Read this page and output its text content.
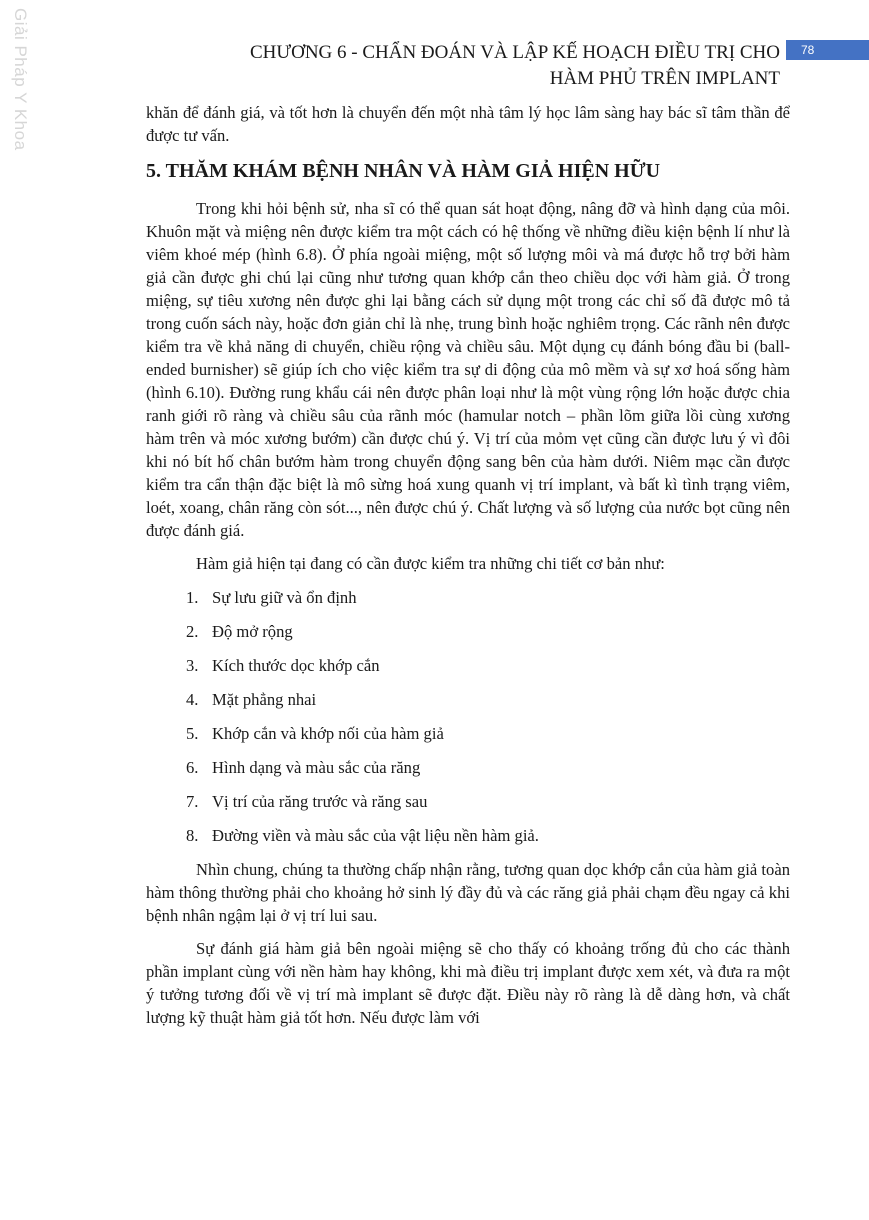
Giải Pháp Y Khoa	CHƯƠNG 6 - CHẨN ĐOÁN VÀ LẬP KẾ HOẠCH ĐIỀU TRỊ CHO
HÀM PHỦ TRÊN IMPLANT
78

khăn để đánh giá, và tốt hơn là chuyển đến một nhà tâm lý học lâm sàng hay bác sĩ tâm thần để được tư vấn.

5. THĂM KHÁM BỆNH NHÂN VÀ HÀM GIẢ HIỆN HỮU

Trong khi hỏi bệnh sử, nha sĩ có thể quan sát hoạt động, nâng đỡ và hình dạng của môi. Khuôn mặt và miệng nên được kiểm tra một cách có hệ thống về những điều kiện bệnh lí như là viêm khoé mép (hình 6.8). Ở phía ngoài miệng, một số lượng môi và má được hỗ trợ bởi hàm giả cần được ghi chú lại cũng như tương quan khớp cắn theo chiều dọc với hàm giả. Ở trong miệng, sự tiêu xương nên được ghi lại bằng cách sử dụng một trong các chỉ số đã được mô tả trong cuốn sách này, hoặc đơn giản chỉ là nhẹ, trung bình hoặc nghiêm trọng. Các rãnh nên được kiểm tra về khả năng di chuyển, chiều rộng và chiều sâu. Một dụng cụ đánh bóng đầu bi (ball-ended burnisher) sẽ giúp ích cho việc kiểm tra sự di động của mô mềm và sự xơ hoá sống hàm (hình 6.10). Đường rung khẩu cái nên được phân loại như là một vùng rộng lớn hoặc được chia ranh giới rõ ràng và chiều sâu của rãnh móc (hamular notch – phần lõm giữa lồi cùng xương hàm trên và móc xương bướm) cần được chú ý. Vị trí của mỏm vẹt cũng cần được lưu ý vì đôi khi nó bít hố chân bướm hàm trong chuyển động sang bên của hàm dưới. Niêm mạc cần được kiểm tra cẩn thận đặc biệt là mô sừng hoá xung quanh vị trí implant, và bất kì tình trạng viêm, loét, xoang, chân răng còn sót..., nên được chú ý. Chất lượng và số lượng của nước bọt cũng nên được đánh giá.

Hàm giả hiện tại đang có cần được kiểm tra những chi tiết cơ bản như:

1. Sự lưu giữ và ổn định
2. Độ mở rộng
3. Kích thước dọc khớp cắn
4. Mặt phẳng nhai
5. Khớp cắn và khớp nối của hàm giả
6. Hình dạng và màu sắc của răng
7. Vị trí của răng trước và răng sau
8. Đường viền và màu sắc của vật liệu nền hàm giả.

Nhìn chung, chúng ta thường chấp nhận rằng, tương quan dọc khớp cắn của hàm giả toàn hàm thông thường phải cho khoảng hở sinh lý đầy đủ và các răng giả phải chạm đều ngay cả khi bệnh nhân ngậm lại ở vị trí lui sau.

Sự đánh giá hàm giả bên ngoài miệng sẽ cho thấy có khoảng trống đủ cho các thành phần implant cùng với nền hàm hay không, khi mà điều trị implant được xem xét, và đưa ra một ý tưởng tương đối về vị trí mà implant sẽ được đặt. Điều này rõ ràng là dễ dàng hơn, và chất lượng kỹ thuật hàm giả tốt hơn. Nếu được làm với
